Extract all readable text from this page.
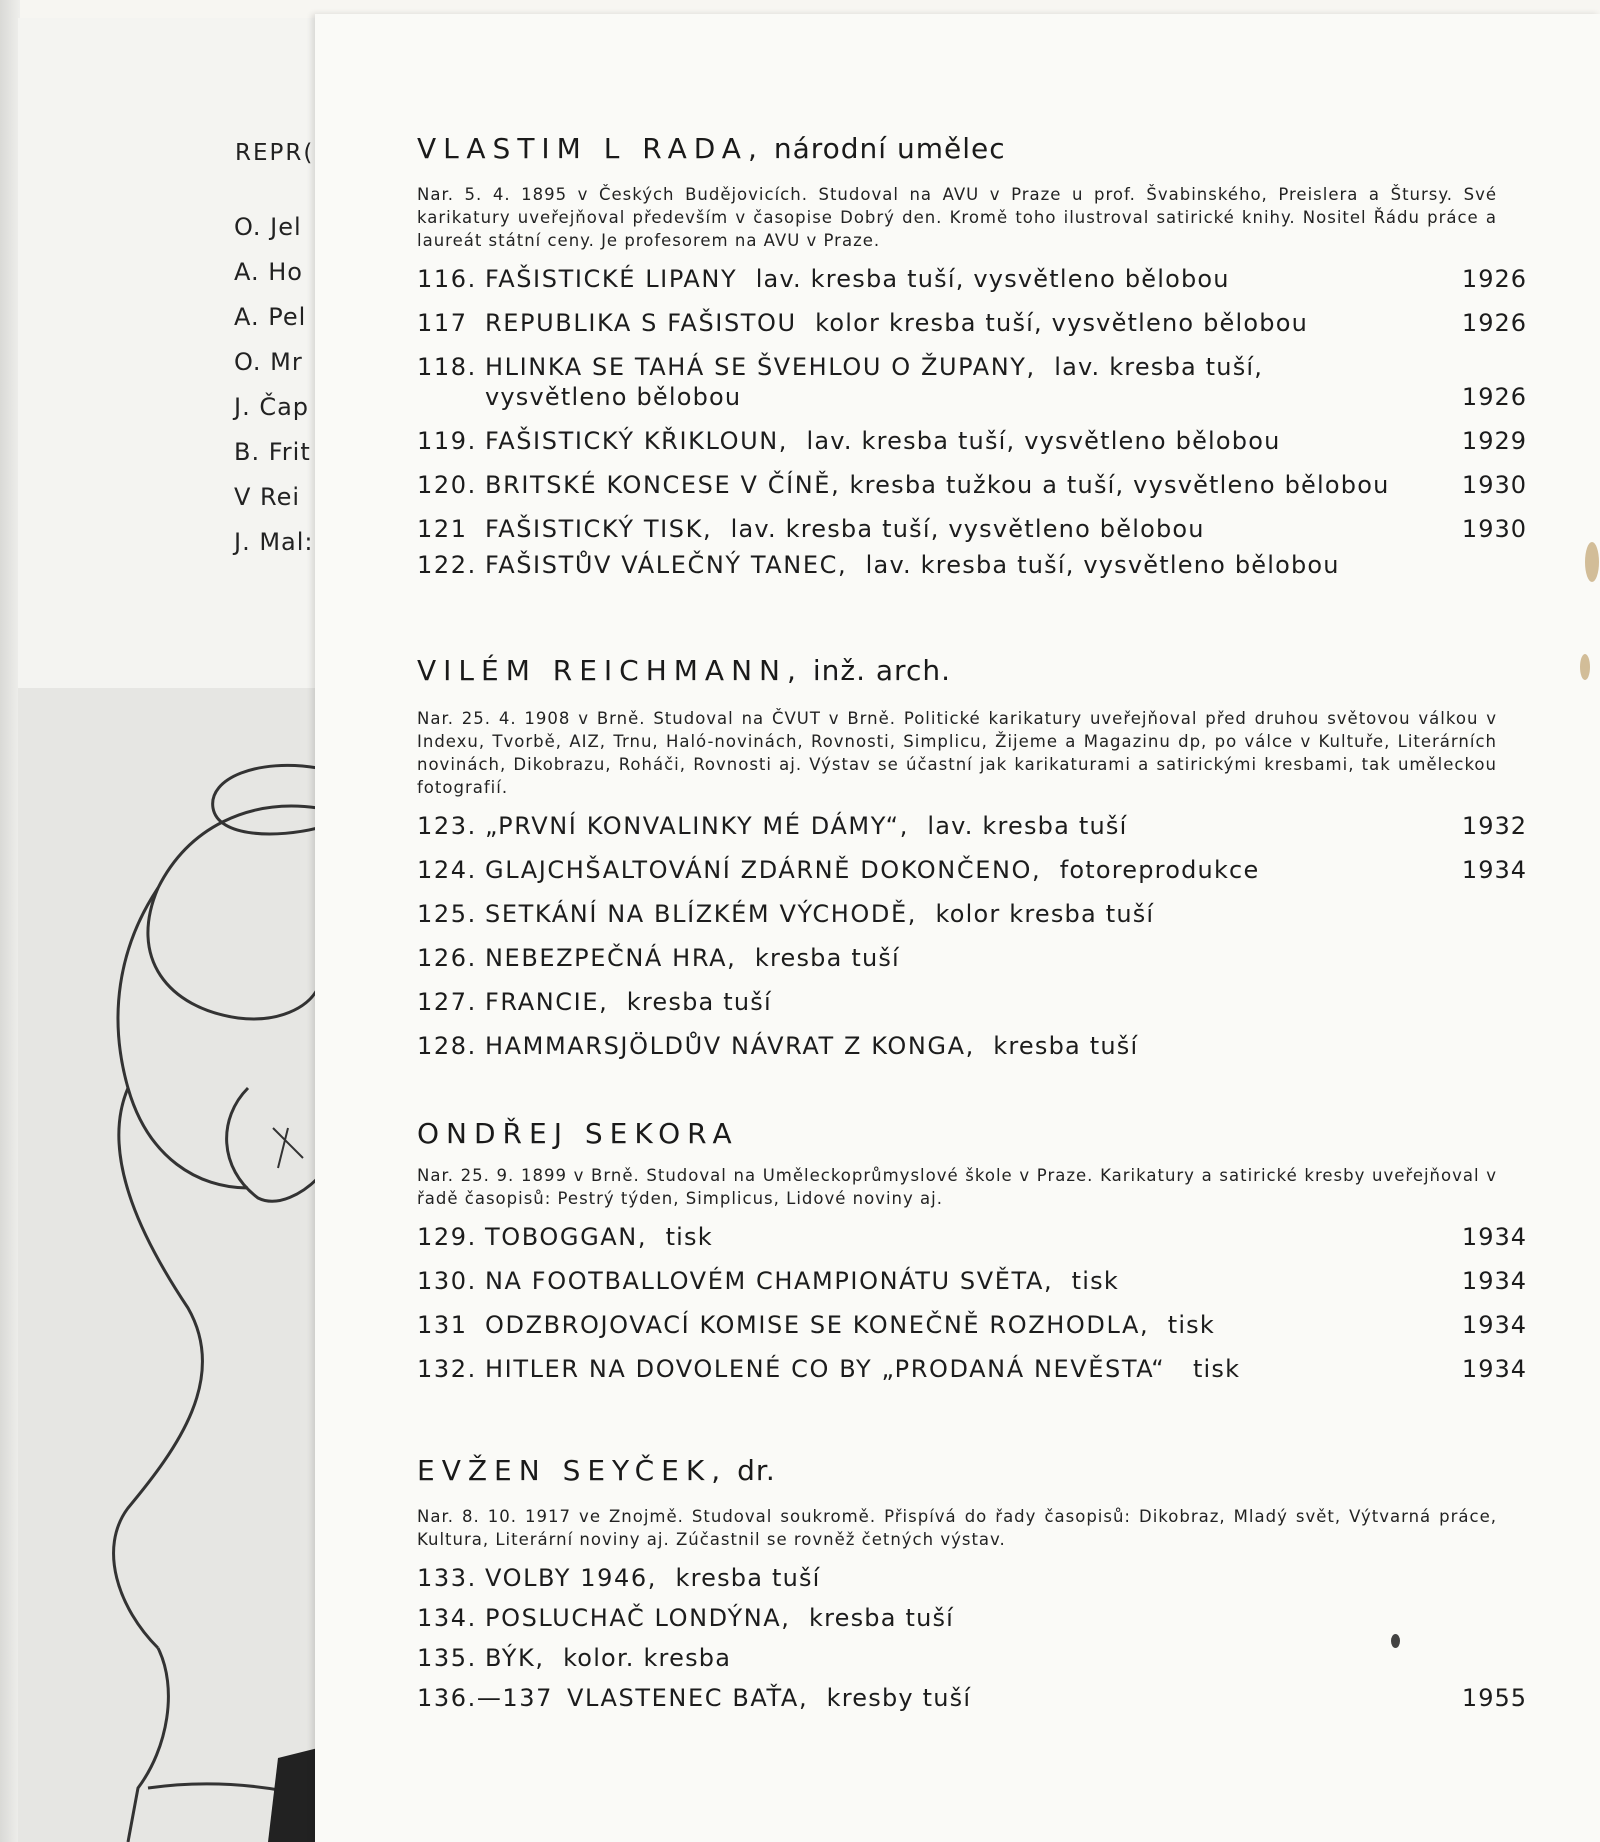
REPR(
O. Jel
A. Ho
A. Pel
O. Mr
J. Čap
B. Frit
V Rei
J. Mal:
VLASTIM L RADA, národní umělec

Nar. 5. 4. 1895 v Českých Budějovicích. Studoval na AVU v Praze u prof. Švabinského, Preislera a Štursy. Své karikatury uveřejňoval především v časopise Dobrý den. Kromě toho ilustroval satirické knihy. Nositel Řádu práce a laureát státní ceny. Je profesorem na AVU v Praze.

116. FAŠISTICKÉ LIPANY lav. kresba tuší, vysvětleno bělobou	1926
117 REPUBLIKA S FAŠISTOU kolor kresba tuší, vysvětleno bělobou	1926
118. HLINKA SE TAHÁ SE ŠVEHLOU O ŽUPANY, lav. kresba tuší,
vysvětleno bělobou	1926
119. FAŠISTICKÝ KŘIKLOUN, lav. kresba tuší, vysvětleno bělobou	1929
120. BRITSKÉ KONCESE V ČÍNĚ, kresba tužkou a tuší, vysvětleno bělobou	1930
121 FAŠISTICKÝ TISK, lav. kresba tuší, vysvětleno bělobou	1930
122. FAŠISTŮV VÁLEČNÝ TANEC, lav. kresba tuší, vysvětleno bělobou
VILÉM REICHMANN, inž. arch.

Nar. 25. 4. 1908 v Brně. Studoval na ČVUT v Brně. Politické karikatury uveřejňoval před druhou světovou válkou v Indexu, Tvorbě, AIZ, Trnu, Haló-novinách, Rovnosti, Simplicu, Žijeme a Magazinu dp, po válce v Kultuře, Literárních novinách, Dikobrazu, Roháči, Rovnosti aj. Výstav se účastní jak karikaturami a satirickými kresbami, tak uměleckou fotografií.

123. „PRVNÍ KONVALINKY MÉ DÁMY“, lav. kresba tuší	1932
124. GLAJCHŠALTOVÁNÍ ZDÁRNĚ DOKONČENO, fotoreprodukce	1934
125. SETKÁNÍ NA BLÍZKÉM VÝCHODĚ, kolor kresba tuší
126. NEBEZPEČNÁ HRA, kresba tuší
127. FRANCIE, kresba tuší
128. HAMMARSJÖLDŮV NÁVRAT Z KONGA, kresba tuší
ONDŘEJ SEKORA

Nar. 25. 9. 1899 v Brně. Studoval na Uměleckoprůmyslové škole v Praze. Karikatury a satirické kresby uveřejňoval v řadě časopisů: Pestrý týden, Simplicus, Lidové noviny aj.

129. TOBOGGAN, tisk	1934
130. NA FOOTBALLOVÉM CHAMPIONÁTU SVĚTA, tisk	1934
131 ODZBROJOVACÍ KOMISE SE KONEČNĚ ROZHODLA, tisk	1934
132. HITLER NA DOVOLENÉ CO BY „PRODANÁ NEVĚSTA“ tisk	1934
EVŽEN SEYČEK, dr.

Nar. 8. 10. 1917 ve Znojmě. Studoval soukromě. Přispívá do řady časopisů: Dikobraz, Mladý svět, Výtvarná práce, Kultura, Literární noviny aj. Zúčastnil se rovněž četných výstav.

133. VOLBY 1946, kresba tuší
134. POSLUCHAČ LONDÝNA, kresba tuší
135. BÝK, kolor. kresba
136.—137 VLASTENEC BAŤA, kresby tuší	1955
